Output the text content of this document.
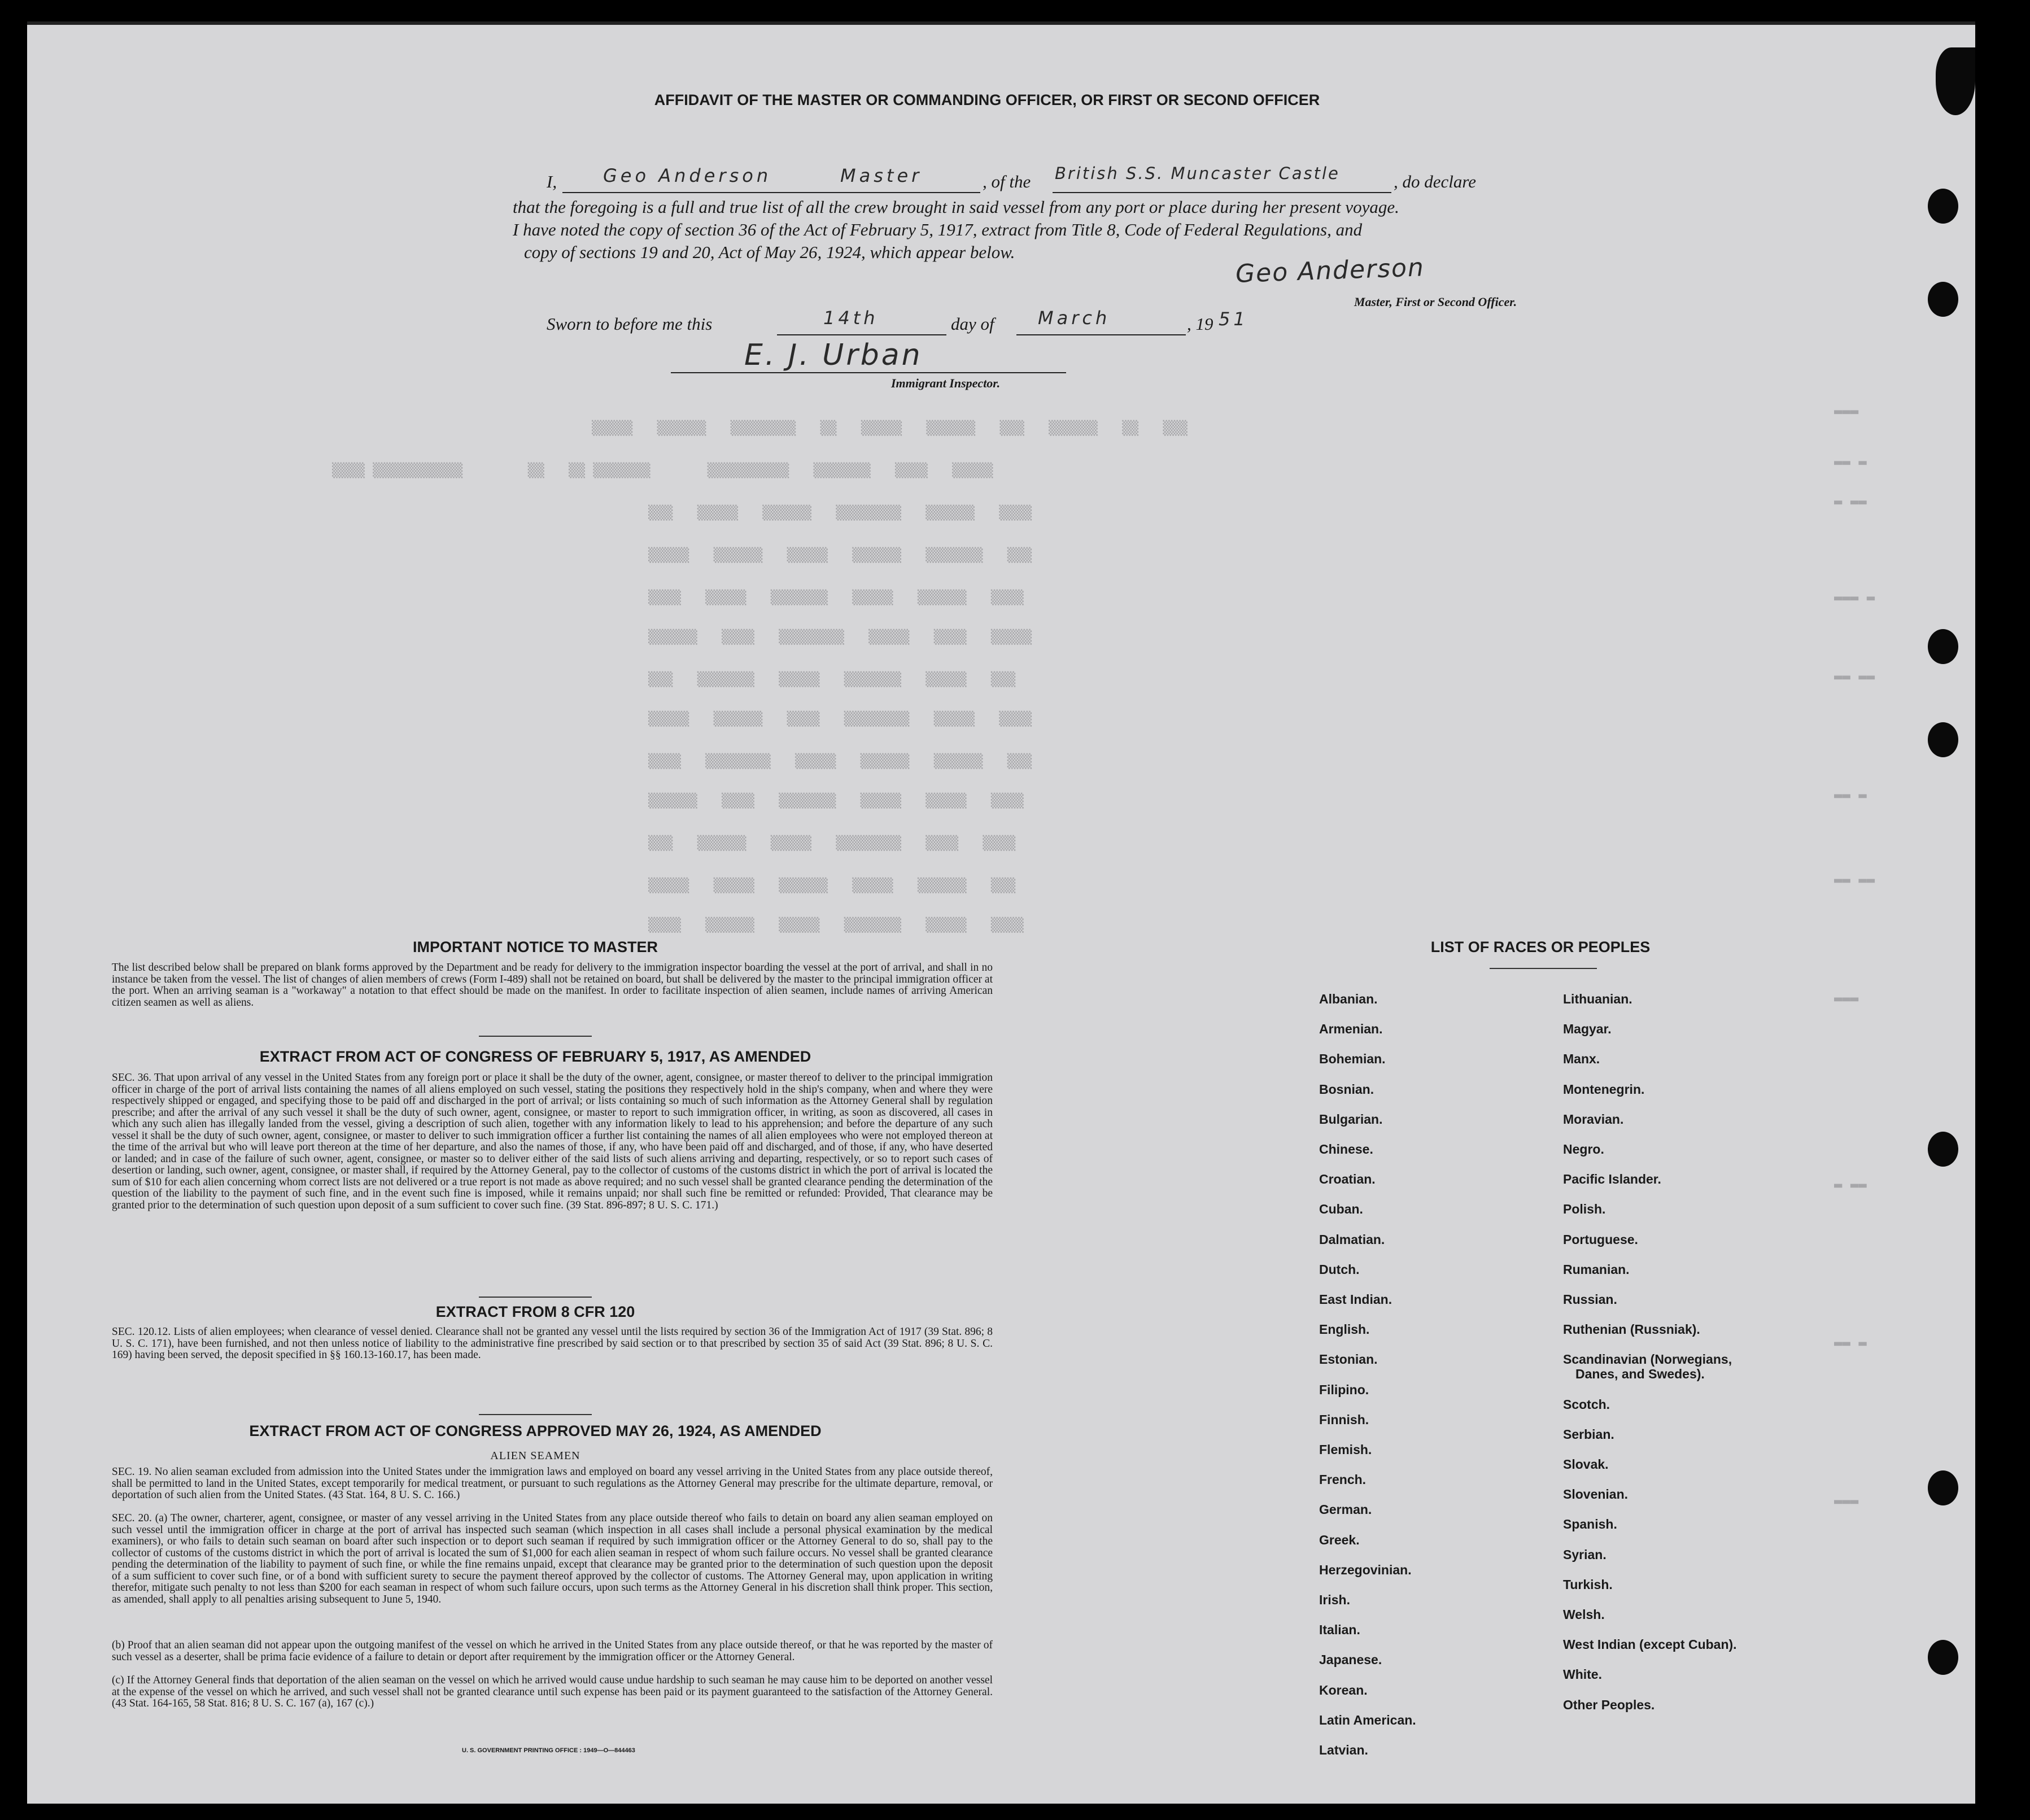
▬▬▬
▬▬ ▬
▬ ▬▬
▬▬▬ ▬
▬▬ ▬▬
▬▬ ▬
▬▬ ▬▬
▬▬▬
▬ ▬▬
▬▬ ▬
▬▬▬
▒▒▒▒▒   ▒▒▒▒▒▒   ▒▒▒▒▒▒▒▒   ▒▒   ▒▒▒▒▒   ▒▒▒▒▒▒   ▒▒▒   ▒▒▒▒▒▒   ▒▒   ▒▒▒
▒▒▒▒ ▒▒▒▒▒▒▒▒▒▒▒        ▒▒   ▒▒ ▒▒▒▒▒▒▒       ▒▒▒▒▒▒▒▒▒▒   ▒▒▒▒▒▒▒   ▒▒▒▒   ▒▒▒▒▒
▒▒▒   ▒▒▒▒▒   ▒▒▒▒▒▒   ▒▒▒▒▒▒▒▒   ▒▒▒▒▒▒   ▒▒▒▒
▒▒▒▒▒   ▒▒▒▒▒▒   ▒▒▒▒▒   ▒▒▒▒▒▒   ▒▒▒▒▒▒▒   ▒▒▒
▒▒▒▒   ▒▒▒▒▒   ▒▒▒▒▒▒▒   ▒▒▒▒▒   ▒▒▒▒▒▒   ▒▒▒▒
▒▒▒▒▒▒   ▒▒▒▒   ▒▒▒▒▒▒▒▒   ▒▒▒▒▒   ▒▒▒▒   ▒▒▒▒▒
▒▒▒   ▒▒▒▒▒▒▒   ▒▒▒▒▒   ▒▒▒▒▒▒▒   ▒▒▒▒▒   ▒▒▒
▒▒▒▒▒   ▒▒▒▒▒▒   ▒▒▒▒   ▒▒▒▒▒▒▒▒   ▒▒▒▒▒   ▒▒▒▒
▒▒▒▒   ▒▒▒▒▒▒▒▒   ▒▒▒▒▒   ▒▒▒▒▒▒   ▒▒▒▒▒▒   ▒▒▒
▒▒▒▒▒▒   ▒▒▒▒   ▒▒▒▒▒▒▒   ▒▒▒▒▒   ▒▒▒▒▒   ▒▒▒▒
▒▒▒   ▒▒▒▒▒▒   ▒▒▒▒▒   ▒▒▒▒▒▒▒▒   ▒▒▒▒   ▒▒▒▒
▒▒▒▒▒   ▒▒▒▒▒   ▒▒▒▒▒▒   ▒▒▒▒▒   ▒▒▒▒▒▒   ▒▒▒
▒▒▒▒   ▒▒▒▒▒▒   ▒▒▒▒▒   ▒▒▒▒▒▒▒   ▒▒▒▒▒   ▒▒▒▒
AFFIDAVIT OF THE MASTER OR COMMANDING OFFICER, OR FIRST OR SECOND OFFICER
I,	Geo Anderson	Master	, of the British S.S. Muncaster Castle	, do declare

that the foregoing is a full and true list of all the crew brought in said vessel from any port or place during her present voyage.

I have noted the copy of section 36 of the Act of February 5, 1917, extract from Title 8, Code of Federal Regulations, and

copy of sections 19 and 20, Act of May 26, 1924, which appear below.

Geo Anderson
Master, First or Second Officer.
Sworn to before me this	14th	day of March	, 19 51
E. J. Urban
Immigrant Inspector.
IMPORTANT NOTICE TO MASTER

The list described below shall be prepared on blank forms approved by the Department and be ready for delivery to the immigration inspector boarding the vessel at the port of arrival, and shall in no instance be taken from the vessel. The list of changes of alien members of crews (Form I-489) shall not be retained on board, but shall be delivered by the master to the principal immigration officer at the port. When an arriving seaman is a "workaway" a notation to that effect should be made on the manifest. In order to facilitate inspection of alien seamen, include names of arriving American citizen seamen as well as aliens.

EXTRACT FROM ACT OF CONGRESS OF FEBRUARY 5, 1917, AS AMENDED

SEC. 36. That upon arrival of any vessel in the United States from any foreign port or place it shall be the duty of the owner, agent, consignee, or master thereof to deliver to the principal immigration officer in charge of the port of arrival lists containing the names of all aliens employed on such vessel, stating the positions they respectively hold in the ship's company, when and where they were respectively shipped or engaged, and specifying those to be paid off and discharged in the port of arrival; or lists containing so much of such information as the Attorney General shall by regulation prescribe; and after the arrival of any such vessel it shall be the duty of such owner, agent, consignee, or master to report to such immigration officer, in writing, as soon as discovered, all cases in which any such alien has illegally landed from the vessel, giving a description of such alien, together with any information likely to lead to his apprehension; and before the departure of any such vessel it shall be the duty of such owner, agent, consignee, or master to deliver to such immigration officer a further list containing the names of all alien employees who were not employed thereon at the time of the arrival but who will leave port thereon at the time of her departure, and also the names of those, if any, who have been paid off and discharged, and of those, if any, who have deserted or landed; and in case of the failure of such owner, agent, consignee, or master so to deliver either of the said lists of such aliens arriving and departing, respectively, or so to report such cases of desertion or landing, such owner, agent, consignee, or master shall, if required by the Attorney General, pay to the collector of customs of the customs district in which the port of arrival is located the sum of $10 for each alien concerning whom correct lists are not delivered or a true report is not made as above required; and no such vessel shall be granted clearance pending the determination of the question of the liability to the payment of such fine, and in the event such fine is imposed, while it remains unpaid; nor shall such fine be remitted or refunded: Provided, That clearance may be granted prior to the determination of such question upon deposit of a sum sufficient to cover such fine. (39 Stat. 896-897; 8 U. S. C. 171.)

EXTRACT FROM 8 CFR 120

SEC. 120.12. Lists of alien employees; when clearance of vessel denied. Clearance shall not be granted any vessel until the lists required by section 36 of the Immigration Act of 1917 (39 Stat. 896; 8 U. S. C. 171), have been furnished, and not then unless notice of liability to the administrative fine prescribed by said section or to that prescribed by section 35 of said Act (39 Stat. 896; 8 U. S. C. 169) having been served, the deposit specified in §§ 160.13-160.17, has been made.

EXTRACT FROM ACT OF CONGRESS APPROVED MAY 26, 1924, AS AMENDED
ALIEN SEAMEN

SEC. 19. No alien seaman excluded from admission into the United States under the immigration laws and employed on board any vessel arriving in the United States from any place outside thereof, shall be permitted to land in the United States, except temporarily for medical treatment, or pursuant to such regulations as the Attorney General may prescribe for the ultimate departure, removal, or deportation of such alien from the United States. (43 Stat. 164, 8 U. S. C. 166.)

SEC. 20. (a) The owner, charterer, agent, consignee, or master of any vessel arriving in the United States from any place outside thereof who fails to detain on board any alien seaman employed on such vessel until the immigration officer in charge at the port of arrival has inspected such seaman (which inspection in all cases shall include a personal physical examination by the medical examiners), or who fails to detain such seaman on board after such inspection or to deport such seaman if required by such immigration officer or the Attorney General to do so, shall pay to the collector of customs of the customs district in which the port of arrival is located the sum of $1,000 for each alien seaman in respect of whom such failure occurs. No vessel shall be granted clearance pending the determination of the liability to payment of such fine, or while the fine remains unpaid, except that clearance may be granted prior to the determination of such question upon the deposit of a sum sufficient to cover such fine, or of a bond with sufficient surety to secure the payment thereof approved by the collector of customs. The Attorney General may, upon application in writing therefor, mitigate such penalty to not less than $200 for each seaman in respect of whom such failure occurs, upon such terms as the Attorney General in his discretion shall think proper. This section, as amended, shall apply to all penalties arising subsequent to June 5, 1940.

(b) Proof that an alien seaman did not appear upon the outgoing manifest of the vessel on which he arrived in the United States from any place outside thereof, or that he was reported by the master of such vessel as a deserter, shall be prima facie evidence of a failure to detain or deport after requirement by the immigration officer or the Attorney General.

(c) If the Attorney General finds that deportation of the alien seaman on the vessel on which he arrived would cause undue hardship to such seaman he may cause him to be deported on another vessel at the expense of the vessel on which he arrived, and such vessel shall not be granted clearance until such expense has been paid or its payment guaranteed to the satisfaction of the Attorney General. (43 Stat. 164-165, 58 Stat. 816; 8 U. S. C. 167 (a), 167 (c).)

U. S. GOVERNMENT PRINTING OFFICE : 1949—O—844463
LIST OF RACES OR PEOPLES
Albanian.
Armenian.
Bohemian.
Bosnian.
Bulgarian.
Chinese.
Croatian.
Cuban.
Dalmatian.
Dutch.
East Indian.
English.
Estonian.
Filipino.
Finnish.
Flemish.
French.
German.
Greek.
Herzegovinian.
Irish.
Italian.
Japanese.
Korean.
Latin American.
Latvian.
Lithuanian.
Magyar.
Manx.
Montenegrin.
Moravian.
Negro.
Pacific Islander.
Polish.
Portuguese.
Rumanian.
Russian.
Ruthenian (Russniak).
Scandinavian (Norwegians,
Danes, and Swedes).
Scotch.
Serbian.
Slovak.
Slovenian.
Spanish.
Syrian.
Turkish.
Welsh.
West Indian (except Cuban).
White.
Other Peoples.
